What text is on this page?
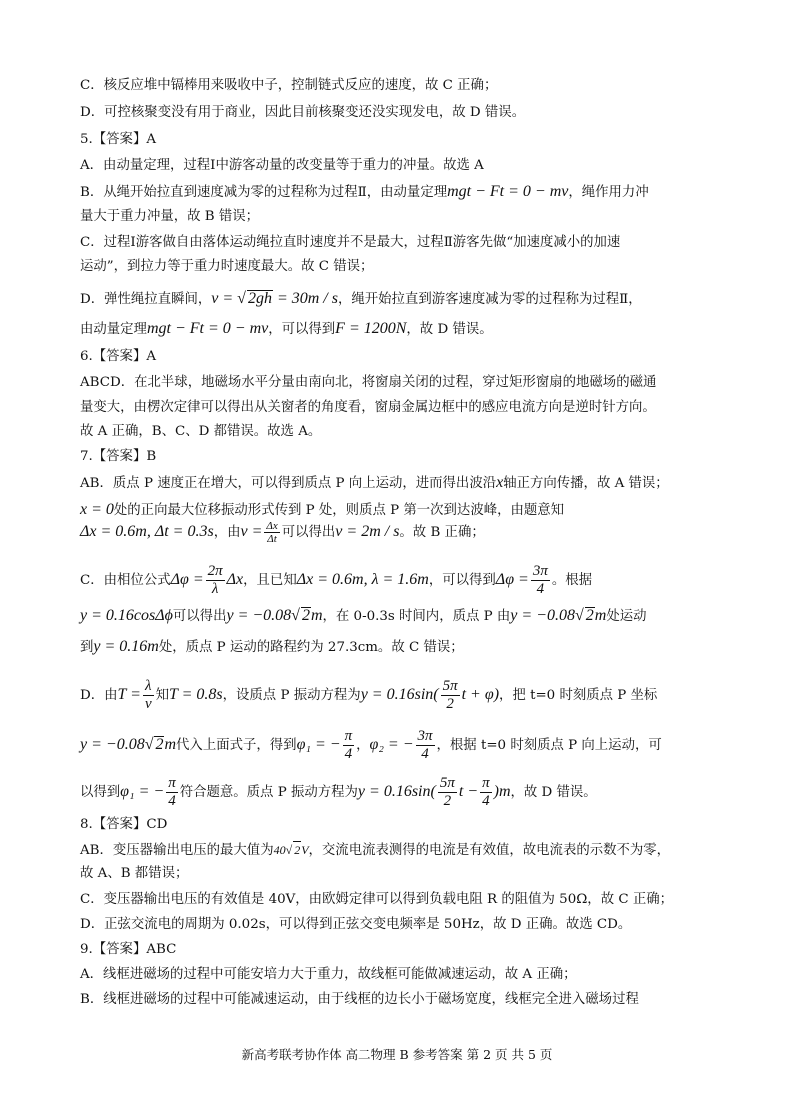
C．核反应堆中镉棒用来吸收中子，控制链式反应的速度，故 C 正确；
D．可控核聚变没有用于商业，因此目前核聚变还没实现发电，故 D 错误。
5.【答案】A
A．由动量定理，过程Ⅰ中游客动量的改变量等于重力的冲量。故选 A
B．从绳开始拉直到速度减为零的过程称为过程Ⅱ，由动量定理mgt − Ft = 0 − mv，绳作用力冲
量大于重力冲量，故 B 错误；
C．过程Ⅰ游客做自由落体运动绳拉直时速度并不是最大，过程Ⅱ游客先做“加速度减小的加速
运动”，到拉力等于重力时速度最大。故 C 错误；
D．弹性绳拉直瞬间，v = √ 2gh = 30m / s，绳开始拉直到游客速度减为零的过程称为过程Ⅱ，
由动量定理mgt − Ft = 0 − mv，可以得到F = 1200N，故 D 错误。
6.【答案】A
ABCD．在北半球，地磁场水平分量由南向北，将窗扇关闭的过程，穿过矩形窗扇的地磁场的磁通
量变大，由楞次定律可以得出从关窗者的角度看，窗扇金属边框中的感应电流方向是逆时针方向。
故 A 正确，B、C、D 都错误。故选 A。
7.【答案】B
AB．质点 P 速度正在增大，可以得到质点 P 向上运动，进而得出波沿x轴正方向传播，故 A 错误；
x = 0处的正向最大位移振动形式传到 P 处，则质点 P 第一次到达波峰，由题意知
Δx = 0.6m, Δt = 0.3s，由$v = \frac{\Delta x}{\Delta t}$ 可以得出v = 2m / s。故 B 正确；
C．由相位公式$\Delta\varphi = \frac{2\pi}{\lambda}$ Δx，且已知Δx = 0.6m, λ = 1.6m，可以得到$\Delta\varphi = \frac{3\pi}{4}$ 。根据
y = 0.16cosΔϕ可以得出y = −0.08√ 2m，在 0-0.3s 时间内，质点 P 由y = −0.08√ 2m处运动
到y = 0.16m处，质点 P 运动的路程约为 27.3cm。故 C 错误；
D．由$T = \frac{\lambda}{v}$ 知T = 0.8s，设质点 P 振动方程为$y = 0.16\sin( \frac{5\pi}{2}$ t + φ)，把 t=0 时刻质点 P 坐标
y = −0.08√ 2m代入上面式子，得到φ₁ = − $\frac{\pi}{4}$ ，φ₂ = − $\frac{3\pi}{4}$ ，根据 t=0 时刻质点 P 向上运动，可
以得到φ₁ = − $\frac{\pi}{4}$ 符合题意。质点 P 振动方程为$y = 0.16\sin( \frac{5\pi}{2}$ $t - \frac{\pi}{4} )m$，故 D 错误。
8.【答案】CD
AB．变压器输出电压的最大值为40√ 2V，交流电流表测得的电流是有效值，故电流表的示数不为零，
故 A、B 都错误；
C．变压器输出电压的有效值是 40V，由欧姆定律可以得到负载电阻 R 的阻值为 50Ω，故 C 正确；
D．正弦交流电的周期为 0.02s，可以得到正弦交变电频率是 50Hz，故 D 正确。故选 CD。
9.【答案】ABC
A．线框进磁场的过程中可能安培力大于重力，故线框可能做减速运动，故 A 正确；
B．线框进磁场的过程中可能减速运动，由于线框的边长小于磁场宽度，线框完全进入磁场过程
新高考联考协作体 高二物理 B 参考答案 第 2 页 共 5 页
